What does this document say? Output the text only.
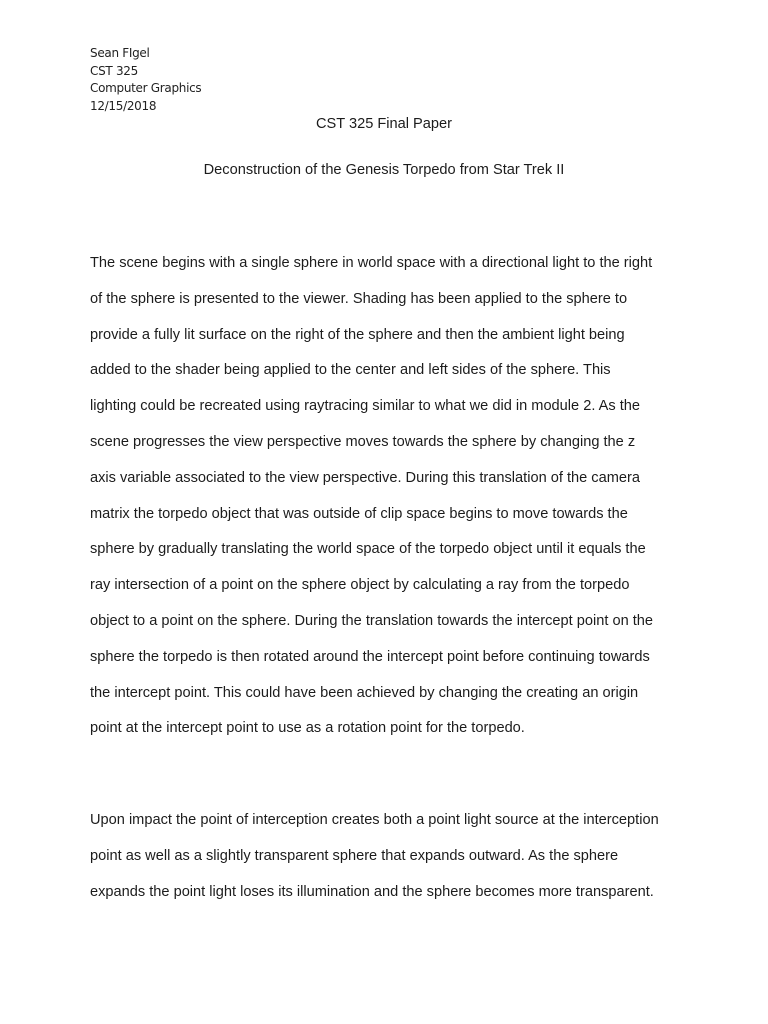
Sean FIgel
CST 325
Computer Graphics
12/15/2018
CST 325 Final Paper
Deconstruction of the Genesis Torpedo from Star Trek II
The scene begins with a single sphere in world space with a directional light to the right
of the sphere is presented to the viewer. Shading has been applied to the sphere to
provide a fully lit surface on the right of the sphere and then the ambient light being
added to the shader being applied to the center and left sides of the sphere. This
lighting could be recreated using raytracing similar to what we did in module 2. As the
scene progresses the view perspective moves towards the sphere by changing the z
axis variable associated to the view perspective. During this translation of the camera
matrix the torpedo object that was outside of clip space begins to move towards the
sphere by gradually translating the world space of the torpedo object until it equals the
ray intersection of a point on the sphere object by calculating a ray from the torpedo
object to a point on the sphere. During the translation towards the intercept point on the
sphere the torpedo is then rotated around the intercept point before continuing towards
the intercept point. This could have been achieved by changing the creating an origin
point at the intercept point to use as a rotation point for the torpedo.
Upon impact the point of interception creates both a point light source at the interception
point as well as a slightly transparent sphere that expands outward. As the sphere
expands the point light loses its illumination and the sphere becomes more transparent.
